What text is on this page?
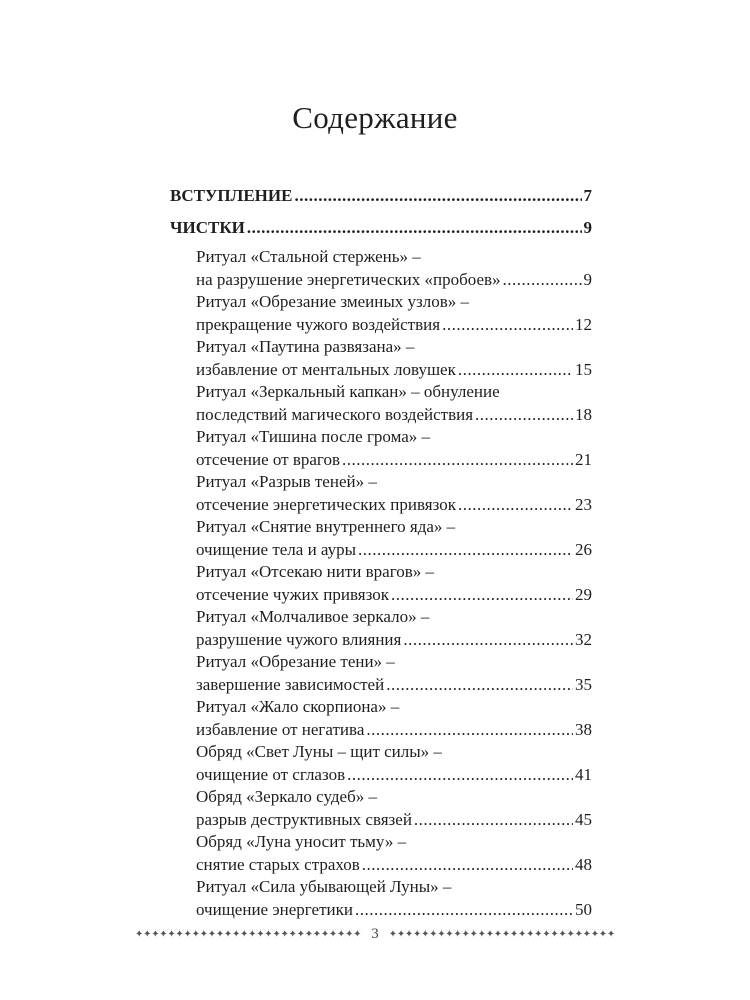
Содержание
ВСТУПЛЕНИЕ .....	7
ЧИСТКИ .....	9
Ритуал «Стальной стержень» –
на разрушение энергетических «пробоев» .....	9
Ритуал «Обрезание змеиных узлов» –
прекращение чужого воздействия .....	12
Ритуал «Паутина развязана» –
избавление от ментальных ловушек .....	15
Ритуал «Зеркальный капкан» – обнуление
последствий магического воздействия .....	18
Ритуал «Тишина после грома» –
отсечение от врагов .....	21
Ритуал «Разрыв теней» –
отсечение энергетических привязок .....	23
Ритуал «Снятие внутреннего яда» –
очищение тела и ауры .....	26
Ритуал «Отсекаю нити врагов» –
отсечение чужих привязок .....	29
Ритуал «Молчаливое зеркало» –
разрушение чужого влияния .....	32
Ритуал «Обрезание тени» –
завершение зависимостей .....	35
Ритуал «Жало скорпиона» –
избавление от негатива .....	38
Обряд «Свет Луны – щит силы» –
очищение от сглазов .....	41
Обряд «Зеркало судеб» –
разрыв деструктивных связей .....	45
Обряд «Луна уносит тьму» –
снятие старых страхов .....	48
Ритуал «Сила убывающей Луны» –
очищение энергетики .....	50
✦✦✦✦✦✦✦✦✦✦✦✦✦✦✦✦✦✦✦✦✦✦✦✦✦✦✦✦ 3 ✦✦✦✦✦✦✦✦✦✦✦✦✦✦✦✦✦✦✦✦✦✦✦✦✦✦✦✦
